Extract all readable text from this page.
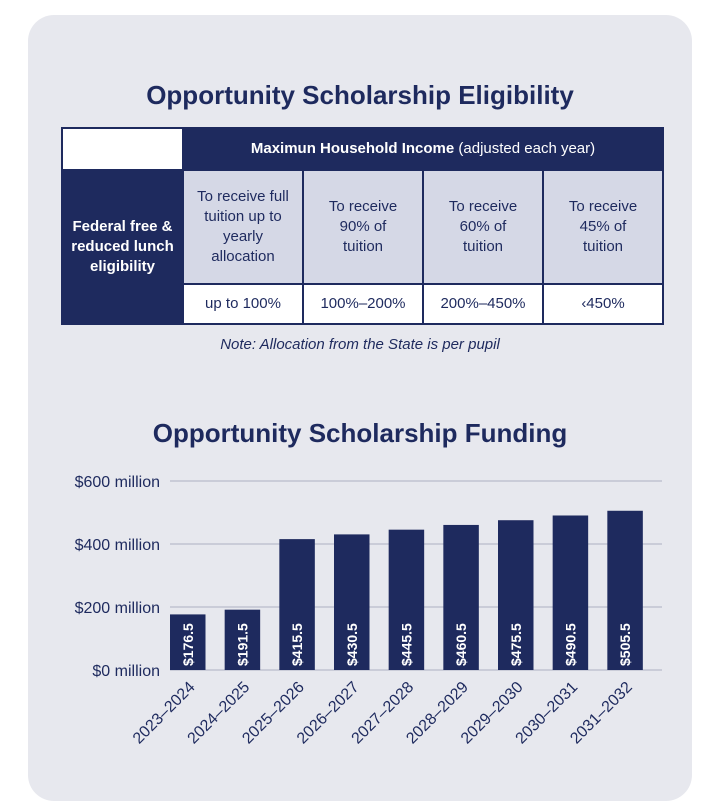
Opportunity Scholarship Eligibility
	Maximun Household Income (adjusted each year)			

Federal free & reduced lunch eligibility	To receive full tuition up to yearly allocation	To receive 90% of tuition	To receive 60% of tuition	To receive 45% of tuition

	up to 100%	100%–200%	200%–450%	‹450%
Note: Allocation from the State is per pupil
Opportunity Scholarship Funding
$0 million
$200 million
$400 million
$600 million
$176.5
2023–2024
$191.5
2024–2025
$415.5
2025–2026
$430.5
2026–2027
$445.5
2027–2028
$460.5
2028–2029
$475.5
2029–2030
$490.5
2030–2031
$505.5
2031–2032
